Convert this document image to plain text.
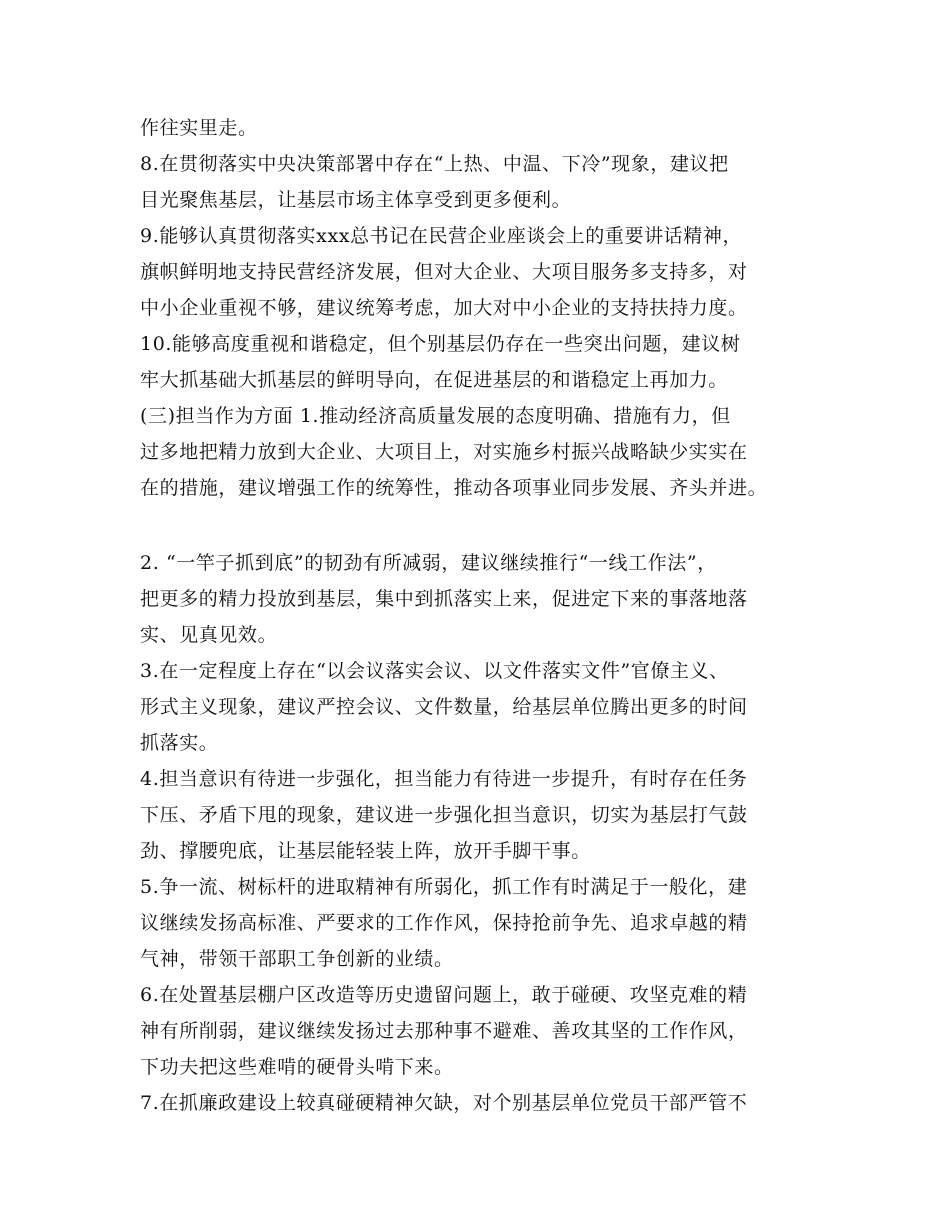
作往实里走。
8.在贯彻落实中央决策部署中存在“上热、中温、下冷”现象，建议把
目光聚焦基层，让基层市场主体享受到更多便利。
9.能够认真贯彻落实xxx总书记在民营企业座谈会上的重要讲话精神，
旗帜鲜明地支持民营经济发展，但对大企业、大项目服务多支持多，对
中小企业重视不够，建议统筹考虑，加大对中小企业的支持扶持力度。
10.能够高度重视和谐稳定，但个别基层仍存在一些突出问题，建议树
牢大抓基础大抓基层的鲜明导向，在促进基层的和谐稳定上再加力。
(三)担当作为方面 1.推动经济高质量发展的态度明确、措施有力，但
过多地把精力放到大企业、大项目上，对实施乡村振兴战略缺少实实在
在的措施，建议增强工作的统筹性，推动各项事业同步发展、齐头并进。
2. “一竿子抓到底”的韧劲有所减弱，建议继续推行“一线工作法”，
把更多的精力投放到基层，集中到抓落实上来，促进定下来的事落地落
实、见真见效。
3.在一定程度上存在“以会议落实会议、以文件落实文件”官僚主义、
形式主义现象，建议严控会议、文件数量，给基层单位腾出更多的时间
抓落实。
4.担当意识有待进一步强化，担当能力有待进一步提升，有时存在任务
下压、矛盾下甩的现象，建议进一步强化担当意识，切实为基层打气鼓
劲、撑腰兜底，让基层能轻装上阵，放开手脚干事。
5.争一流、树标杆的进取精神有所弱化，抓工作有时满足于一般化，建
议继续发扬高标准、严要求的工作作风，保持抢前争先、追求卓越的精
气神，带领干部职工争创新的业绩。
6.在处置基层棚户区改造等历史遗留问题上，敢于碰硬、攻坚克难的精
神有所削弱，建议继续发扬过去那种事不避难、善攻其坚的工作作风，
下功夫把这些难啃的硬骨头啃下来。
7.在抓廉政建设上较真碰硬精神欠缺，对个别基层单位党员干部严管不
